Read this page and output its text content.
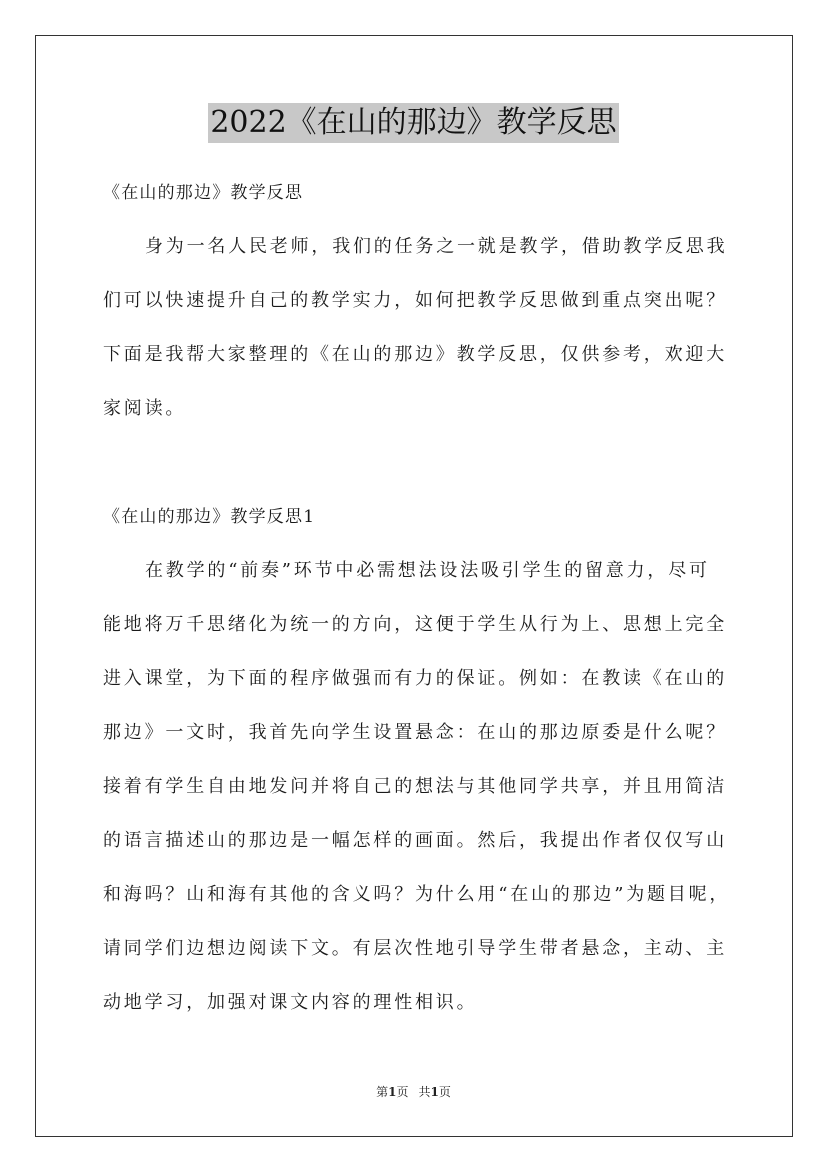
2022《在山的那边》教学反思
《在山的那边》教学反思
身为一名人民老师，我们的任务之一就是教学，借助教学反思我
们可以快速提升自己的教学实力，如何把教学反思做到重点突出呢？
下面是我帮大家整理的《在山的那边》教学反思，仅供参考，欢迎大
家阅读。
《在山的那边》教学反思1
在教学的“前奏”环节中必需想法设法吸引学生的留意力，尽可
能地将万千思绪化为统一的方向，这便于学生从行为上、思想上完全
进入课堂，为下面的程序做强而有力的保证。例如：在教读《在山的
那边》一文时，我首先向学生设置悬念：在山的那边原委是什么呢？
接着有学生自由地发问并将自己的想法与其他同学共享，并且用简洁
的语言描述山的那边是一幅怎样的画面。然后，我提出作者仅仅写山
和海吗？山和海有其他的含义吗？为什么用“在山的那边”为题目呢，
请同学们边想边阅读下文。有层次性地引导学生带者悬念，主动、主
动地学习，加强对课文内容的理性相识。
第1页 共1页
